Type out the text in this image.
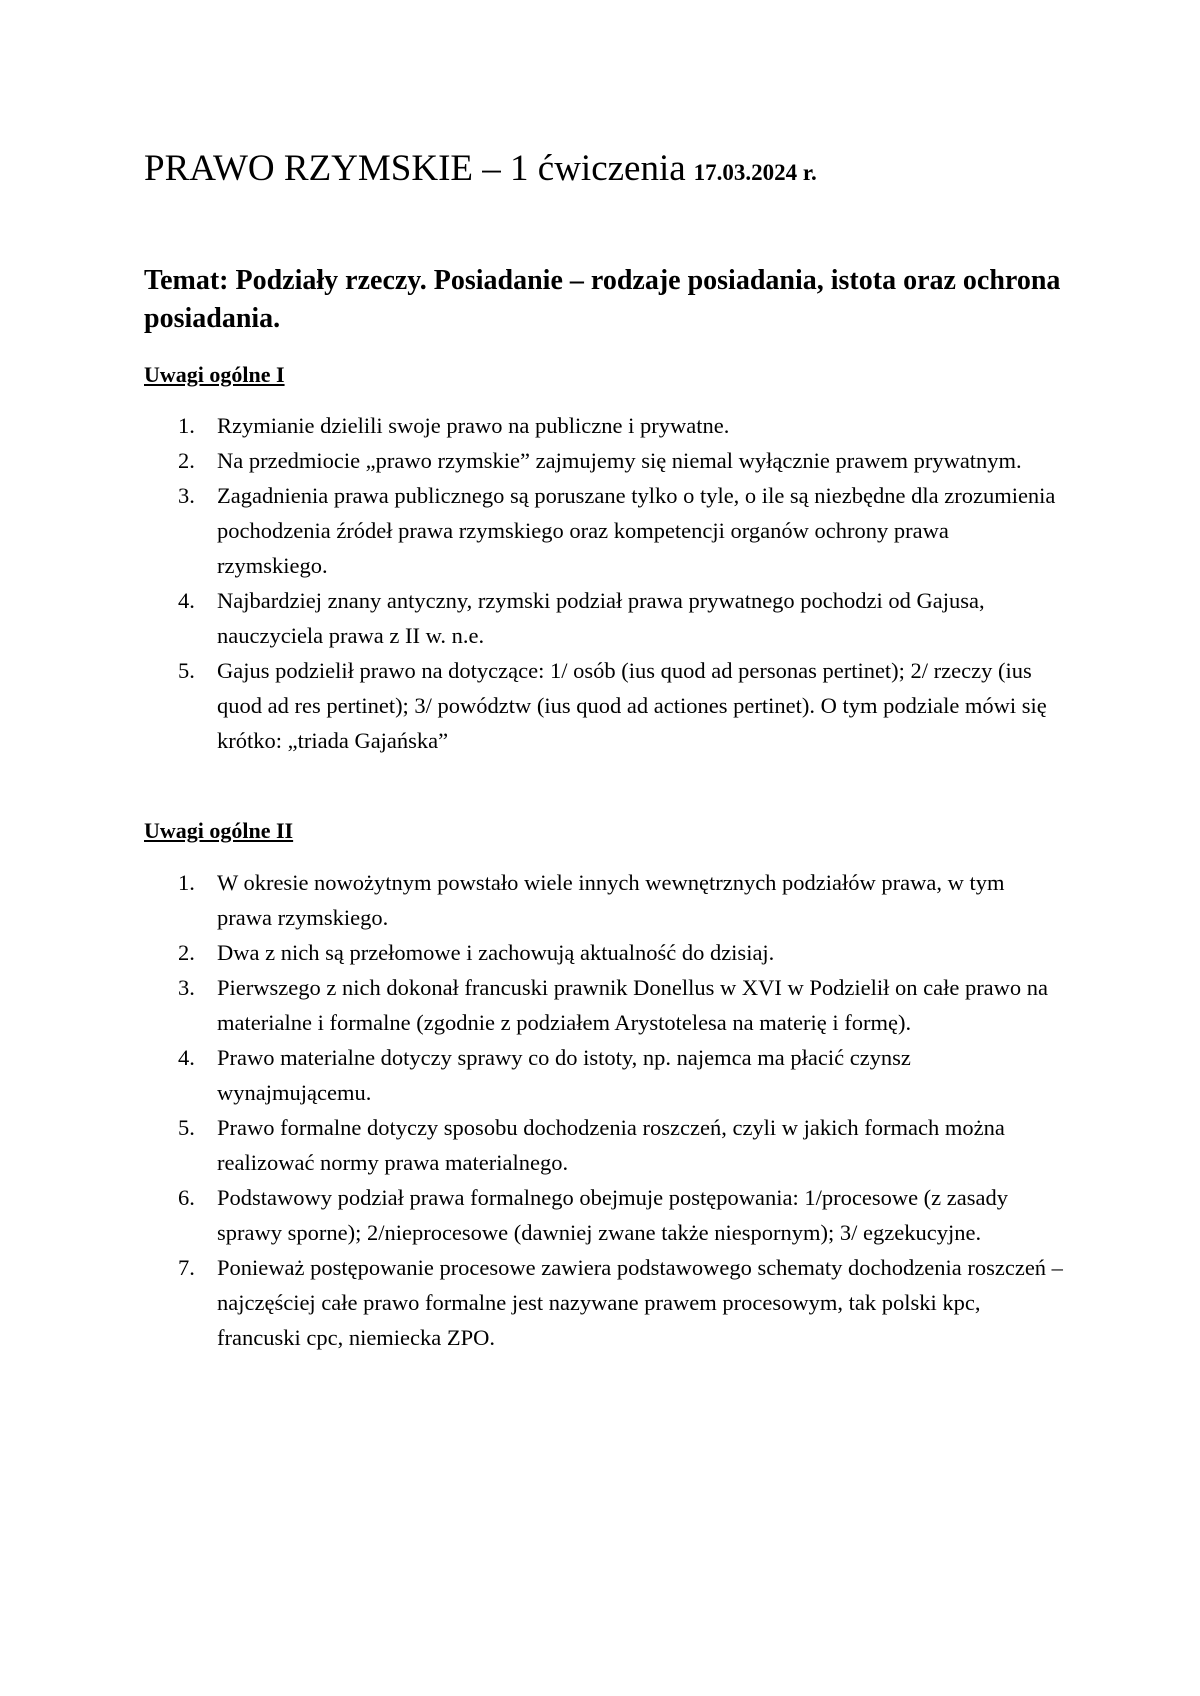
PRAWO RZYMSKIE – 1 ćwiczenia 17.03.2024 r.
Temat: Podziały rzeczy. Posiadanie – rodzaje posiadania, istota oraz ochrona posiadania.
Uwagi ogólne I
1. Rzymianie dzielili swoje prawo na publiczne i prywatne.
2. Na przedmiocie „prawo rzymskie” zajmujemy się niemal wyłącznie prawem prywatnym.
3. Zagadnienia prawa publicznego są poruszane tylko o tyle, o ile są niezbędne dla zrozumienia pochodzenia źródeł prawa rzymskiego oraz kompetencji organów ochrony prawa rzymskiego.
4. Najbardziej znany antyczny, rzymski podział prawa prywatnego pochodzi od Gajusa, nauczyciela prawa z II w. n.e.
5. Gajus podzielił prawo na dotyczące: 1/ osób (ius quod ad personas pertinet); 2/ rzeczy (ius quod ad res pertinet); 3/ powództw (ius quod ad actiones pertinet). O tym podziale mówi się krótko: „triada Gajańska”
Uwagi ogólne II
1. W okresie nowożytnym powstało wiele innych wewnętrznych podziałów prawa, w tym prawa rzymskiego.
2. Dwa z nich są przełomowe i zachowują aktualność do dzisiaj.
3. Pierwszego z nich dokonał francuski prawnik Donellus w XVI w Podzielił on całe prawo na materialne i formalne (zgodnie z podziałem Arystotelesa na materię i formę).
4. Prawo materialne dotyczy sprawy co do istoty, np. najemca ma płacić czynsz wynajmującemu.
5. Prawo formalne dotyczy sposobu dochodzenia roszczeń, czyli w jakich formach można realizować normy prawa materialnego.
6. Podstawowy podział prawa formalnego obejmuje postępowania: 1/procesowe (z zasady sprawy sporne); 2/nieprocesowe (dawniej zwane także niespornym); 3/ egzekucyjne.
7. Ponieważ postępowanie procesowe zawiera podstawowego schematy dochodzenia roszczeń – najczęściej całe prawo formalne jest nazywane prawem procesowym, tak polski kpc, francuski cpc, niemiecka ZPO.
